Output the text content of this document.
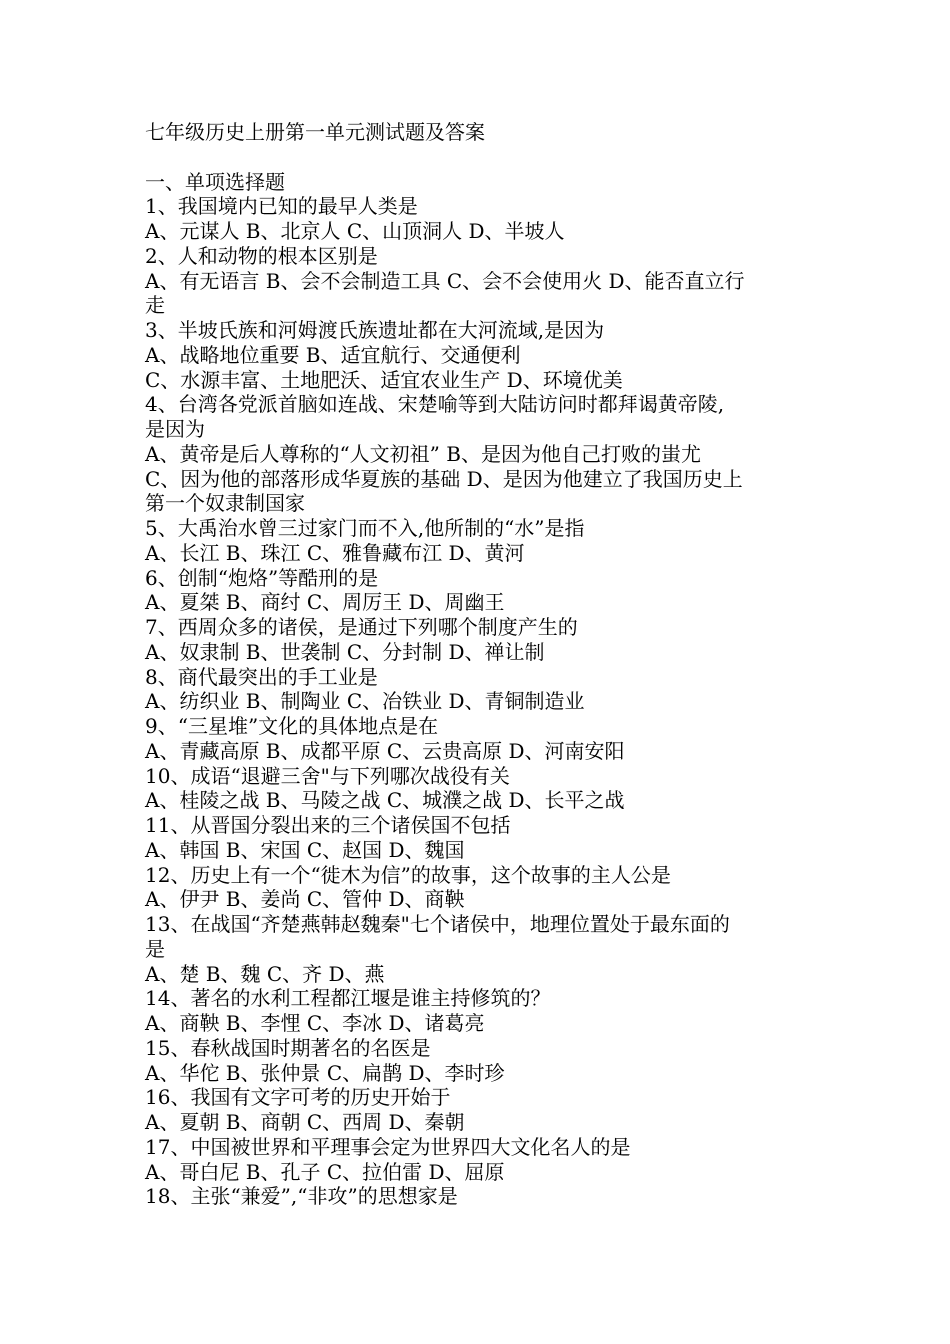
七年级历史上册第一单元测试题及答案
一、单项选择题
1、我国境内已知的最早人类是
A、元谋人 B、北京人 C、山顶洞人 D、半坡人
2、人和动物的根本区别是
A、有无语言 B、会不会制造工具 C、会不会使用火 D、能否直立行
走
3、半坡氏族和河姆渡氏族遗址都在大河流域,是因为
A、战略地位重要 B、适宜航行、交通便利
C、水源丰富、土地肥沃、适宜农业生产 D、环境优美
4、台湾各党派首脑如连战、宋楚喻等到大陆访问时都拜谒黄帝陵,
是因为
A、黄帝是后人尊称的“人文初祖” B、是因为他自己打败的蚩尤
C、因为他的部落形成华夏族的基础 D、是因为他建立了我国历史上
第一个奴隶制国家
5、大禹治水曾三过家门而不入,他所制的“水”是指
A、长江 B、珠江 C、雅鲁藏布江 D、黄河
6、创制“炮烙”等酷刑的是
A、夏桀 B、商纣 C、周厉王 D、周幽王
7、西周众多的诸侯，是通过下列哪个制度产生的
A、奴隶制 B、世袭制 C、分封制 D、禅让制
8、商代最突出的手工业是
A、纺织业 B、制陶业 C、冶铁业 D、青铜制造业
9、“三星堆”文化的具体地点是在
A、青藏高原 B、成都平原 C、云贵高原 D、河南安阳
10、成语“退避三舍"与下列哪次战役有关
A、桂陵之战 B、马陵之战 C、城濮之战 D、长平之战
11、从晋国分裂出来的三个诸侯国不包括
A、韩国 B、宋国 C、赵国 D、魏国
12、历史上有一个“徙木为信”的故事，这个故事的主人公是
A、伊尹 B、姜尚 C、管仲 D、商鞅
13、在战国“齐楚燕韩赵魏秦"七个诸侯中，地理位置处于最东面的
是
A、楚 B、魏 C、齐 D、燕
14、著名的水利工程都江堰是谁主持修筑的？
A、商鞅 B、李悝 C、李冰 D、诸葛亮
15、春秋战国时期著名的名医是
A、华佗 B、张仲景 C、扁鹊 D、李时珍
16、我国有文字可考的历史开始于
A、夏朝 B、商朝 C、西周 D、秦朝
17、中国被世界和平理事会定为世界四大文化名人的是
A、哥白尼 B、孔子 C、拉伯雷 D、屈原
18、主张“兼爱”,“非攻”的思想家是
